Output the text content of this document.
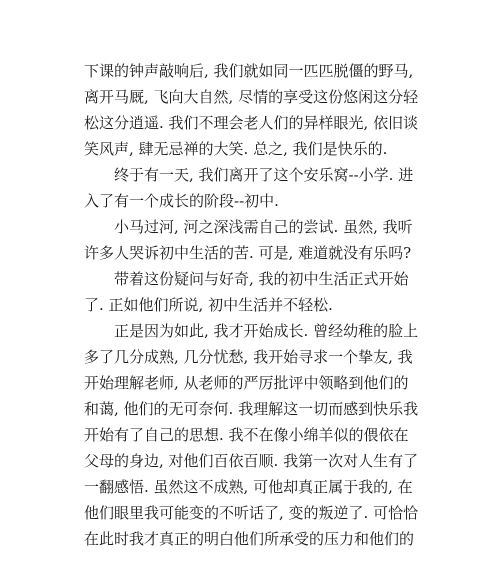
下课的钟声敲响后, 我们就如同一匹匹脱僵的野马,
离开马厩, 飞向大自然, 尽情的享受这份悠闲这分轻
松这分逍遥. 我们不理会老人们的异样眼光, 依旧谈
笑风声, 肆无忌禅的大笑. 总之, 我们是快乐的.
终于有一天, 我们离开了这个安乐窝--小学. 进
入了有一个成长的阶段--初中.
小马过河, 河之深浅需自己的尝试. 虽然, 我听
许多人哭诉初中生活的苦. 可是, 难道就没有乐吗?
带着这份疑问与好奇, 我的初中生活正式开始
了. 正如他们所说, 初中生活并不轻松.
正是因为如此, 我才开始成长. 曾经幼稚的脸上
多了几分成熟, 几分忧愁, 我开始寻求一个挚友, 我
开始理解老师, 从老师的严厉批评中领略到他们的
和蔼, 他们的无可奈何. 我理解这一切而感到快乐我
开始有了自己的思想. 我不在像小绵羊似的偎依在
父母的身边, 对他们百依百顺. 我第一次对人生有了
一翻感悟. 虽然这不成熟, 可他却真正属于我的, 在
他们眼里我可能变的不听话了, 变的叛逆了. 可恰恰
在此时我才真正的明白他们所承受的压力和他们的
